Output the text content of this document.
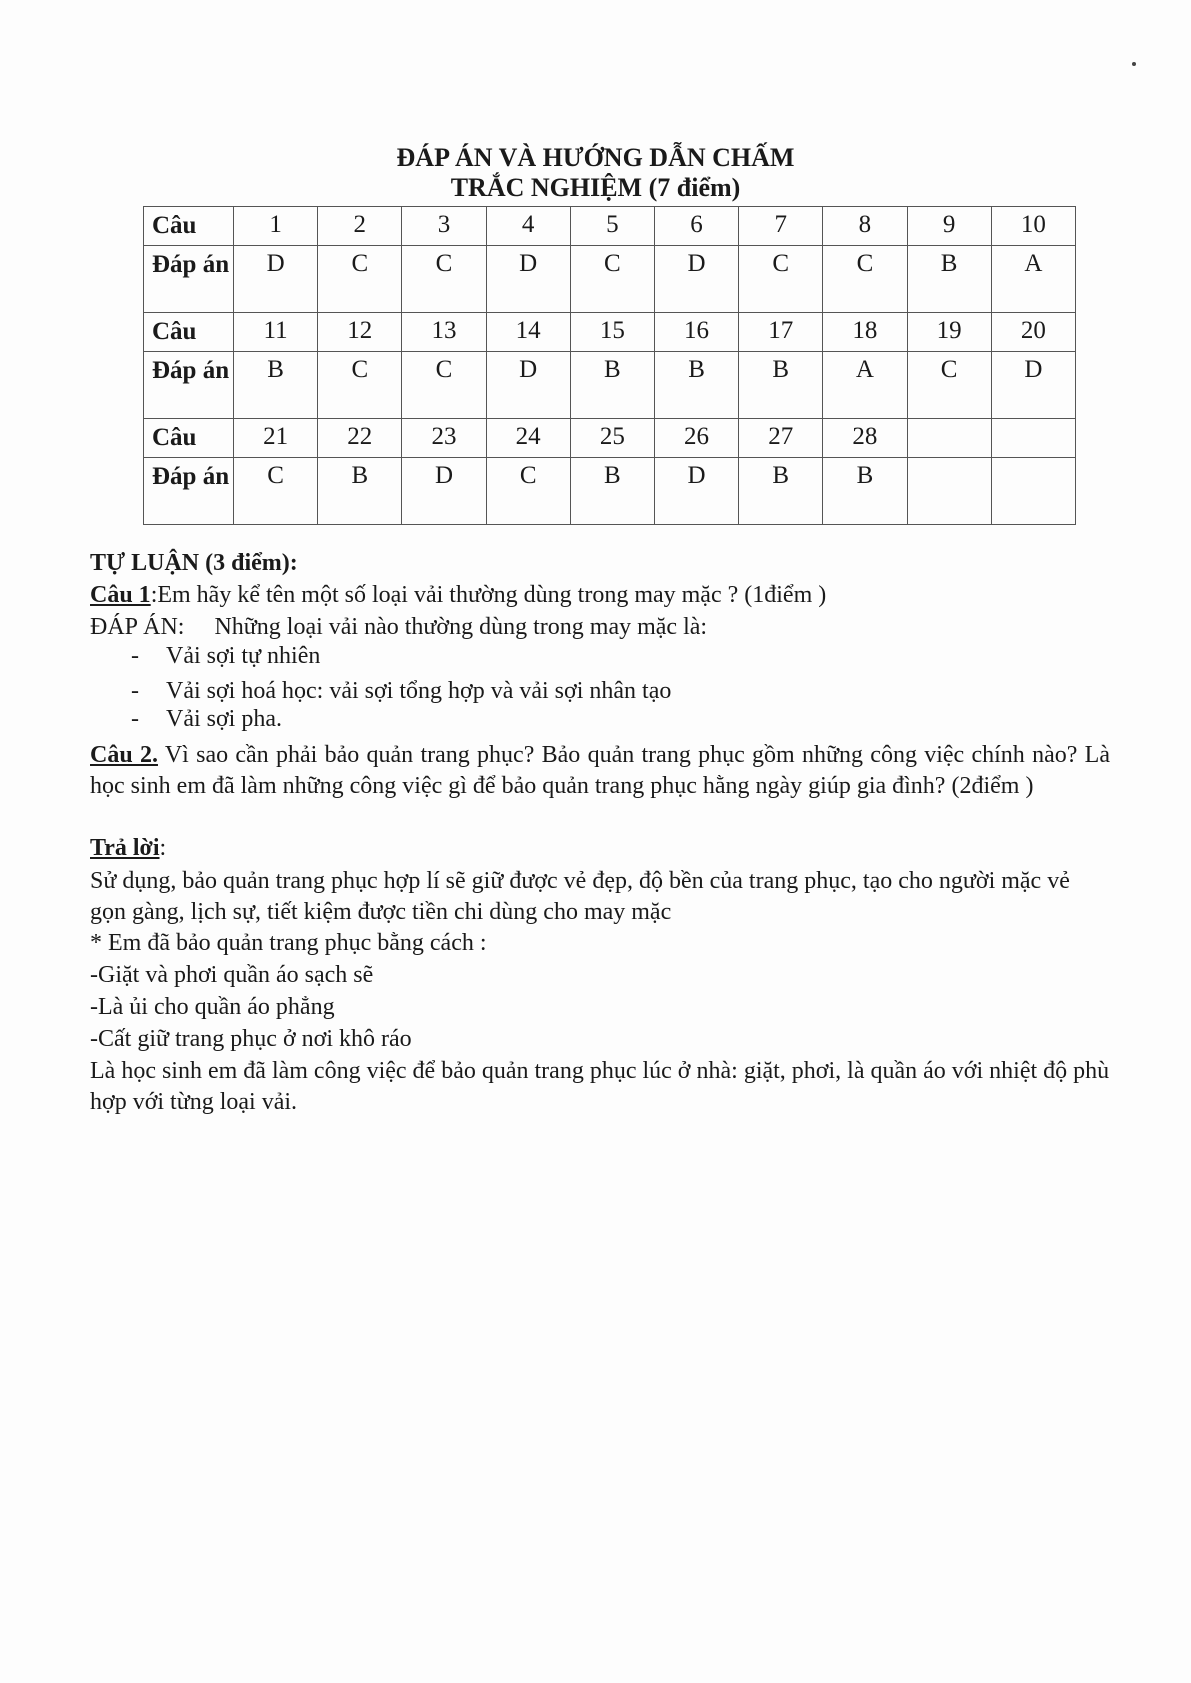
ĐÁP ÁN VÀ HƯỚNG DẪN CHẤM
TRẮC NGHIỆM (7 điểm)
Câu	1	2	3	4	5	6	7	8	9	10
Đáp án	D	C	C	D	C	D	C	C	B	A
Câu	11	12	13	14	15	16	17	18	19	20
Đáp án	B	C	C	D	B	B	B	A	C	D
Câu	21	22	23	24	25	26	27	28		
Đáp án	C	B	D	C	B	D	B	B		
TỰ LUẬN (3 điểm):
Câu 1:Em hãy kể tên một số loại vải thường dùng trong may mặc ? (1điểm )
ĐÁP ÁN: Những loại vải nào thường dùng trong may mặc là:
- Vải sợi tự nhiên
- Vải sợi hoá học: vải sợi tổng hợp và vải sợi nhân tạo
- Vải sợi pha.
Câu 2. Vì sao cần phải bảo quản trang phục? Bảo quản trang phục gồm những công việc chính nào? Là học sinh em đã làm những công việc gì để bảo quản trang phục hằng ngày giúp gia đình? (2điểm )
Trả lời:
Sử dụng, bảo quản trang phục hợp lí sẽ giữ được vẻ đẹp, độ bền của trang phục, tạo cho người mặc vẻ gọn gàng, lịch sự, tiết kiệm được tiền chi dùng cho may mặc
* Em đã bảo quản trang phục bằng cách :
-Giặt và phơi quần áo sạch sẽ
-Là ủi cho quần áo phẳng
-Cất giữ trang phục ở nơi khô ráo
Là học sinh em đã làm công việc để bảo quản trang phục lúc ở nhà: giặt, phơi, là quần áo với nhiệt độ phù hợp với từng loại vải.
